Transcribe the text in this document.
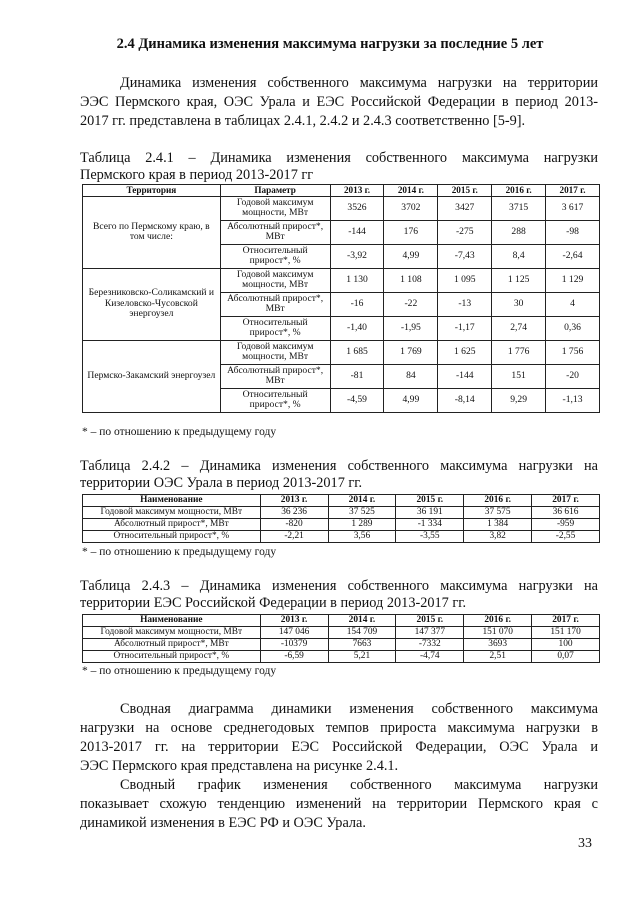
2.4 Динамика изменения максимума нагрузки за последние 5 лет
Динамика изменения собственного максимума нагрузки на территории
ЭЭС Пермского края, ОЭС Урала и ЕЭС Российской Федерации в период 2013-
2017 гг. представлена в таблицах 2.4.1, 2.4.2 и 2.4.3 соответственно [5-9].
Таблица 2.4.1 – Динамика изменения собственного максимума нагрузки
Пермского края в период 2013-2017 гг
Территория	Параметр	2013 г.	2014 г.	2015 г.	2016 г.	2017 г.
Всего по Пермскому краю, в том числе:	Годовой максимум мощности, МВт	3526	3702	3427	3715	3 617
	Абсолютный прирост*, МВт	-144	176	-275	288	-98
	Относительный прирост*, %	-3,92	4,99	-7,43	8,4	-2,64
Березниковско-Соликамский и Кизеловско-Чусовской энергоузел	Годовой максимум мощности, МВт	1 130	1 108	1 095	1 125	1 129
	Абсолютный прирост*, МВт	-16	-22	-13	30	4
	Относительный прирост*, %	-1,40	-1,95	-1,17	2,74	0,36
Пермско-Закамский энергоузел	Годовой максимум мощности, МВт	1 685	1 769	1 625	1 776	1 756
	Абсолютный прирост*, МВт	-81	84	-144	151	-20
	Относительный прирост*, %	-4,59	4,99	-8,14	9,29	-1,13
* – по отношению к предыдущему году
Таблица 2.4.2 – Динамика изменения собственного максимума нагрузки на
территории ОЭС Урала в период 2013-2017 гг.
Наименование	2013 г.	2014 г.	2015 г.	2016 г.	2017 г.
Годовой максимум мощности, МВт	36 236	37 525	36 191	37 575	36 616
Абсолютный прирост*, МВт	-820	1 289	-1 334	1 384	-959
Относительный прирост*, %	-2,21	3,56	-3,55	3,82	-2,55
* – по отношению к предыдущему году
Таблица 2.4.3 – Динамика изменения собственного максимума нагрузки на
территории ЕЭС Российской Федерации в период 2013-2017 гг.
Наименование	2013 г.	2014 г.	2015 г.	2016 г.	2017 г.
Годовой максимум мощности, МВт	147 046	154 709	147 377	151 070	151 170
Абсолютный прирост*, МВт	-10379	7663	-7332	3693	100
Относительный прирост*, %	-6,59	5,21	-4,74	2,51	0,07
* – по отношению к предыдущему году
Сводная диаграмма динамики изменения собственного максимума
нагрузки на основе среднегодовых темпов прироста максимума нагрузки в
2013-2017 гг. на территории ЕЭС Российской Федерации, ОЭС Урала и
ЭЭС Пермского края представлена на рисунке 2.4.1.
Сводный график изменения собственного максимума нагрузки
показывает схожую тенденцию изменений на территории Пермского края с
динамикой изменения в ЕЭС РФ и ОЭС Урала.
33
